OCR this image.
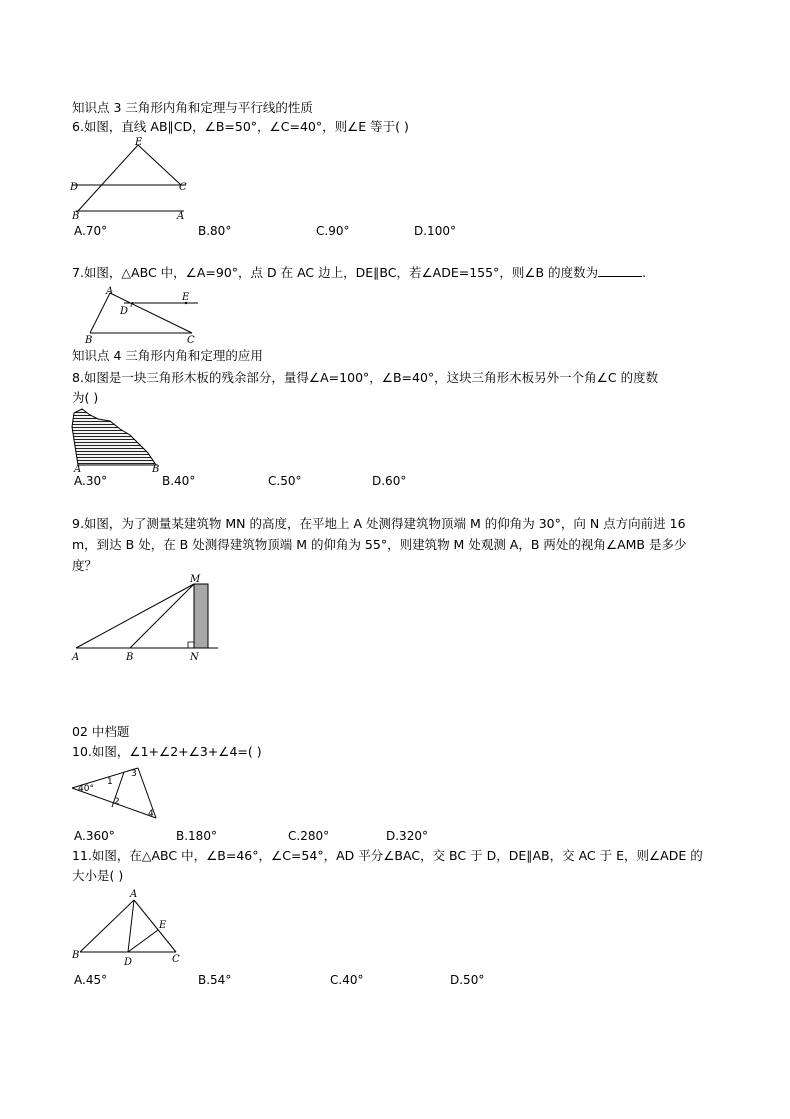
知识点 3 三角形内角和定理与平行线的性质
6.如图，直线 AB∥CD，∠B=50°，∠C=40°，则∠E 等于( )
E
D	C
B	A
A.70°	B.80°	C.90°	D.100°
7.如图，△ABC 中，∠A=90°，点 D 在 AC 边上，DE∥BC，若∠ADE=155°，则∠B 的度数为	.
A
D
E
B	C
知识点 4 三角形内角和定理的应用
8.如图是一块三角形木板的残余部分，量得∠A=100°，∠B=40°，这块三角形木板另外一个角∠C 的度数
为( )
A	B
A.30°	B.40°	C.50°	D.60°
9.如图，为了测量某建筑物 MN 的高度，在平地上 A 处测得建筑物顶端 M 的仰角为 30°，向 N 点方向前进 16
m，到达 B 处，在 B 处测得建筑物顶端 M 的仰角为 55°，则建筑物 M 处观测 A，B 两处的视角∠AMB 是多少
度？
M
A	B	N
02 中档题
10.如图，∠1+∠2+∠3+∠4=( )
40°
1
2
3
4
A.360°	B.180°	C.280°	D.320°
11.如图，在△ABC 中，∠B=46°，∠C=54°，AD 平分∠BAC，交 BC 于 D，DE∥AB，交 AC 于 E，则∠ADE 的
大小是( )
A
E
B
D	C
A.45°	B.54°	C.40°	D.50°
